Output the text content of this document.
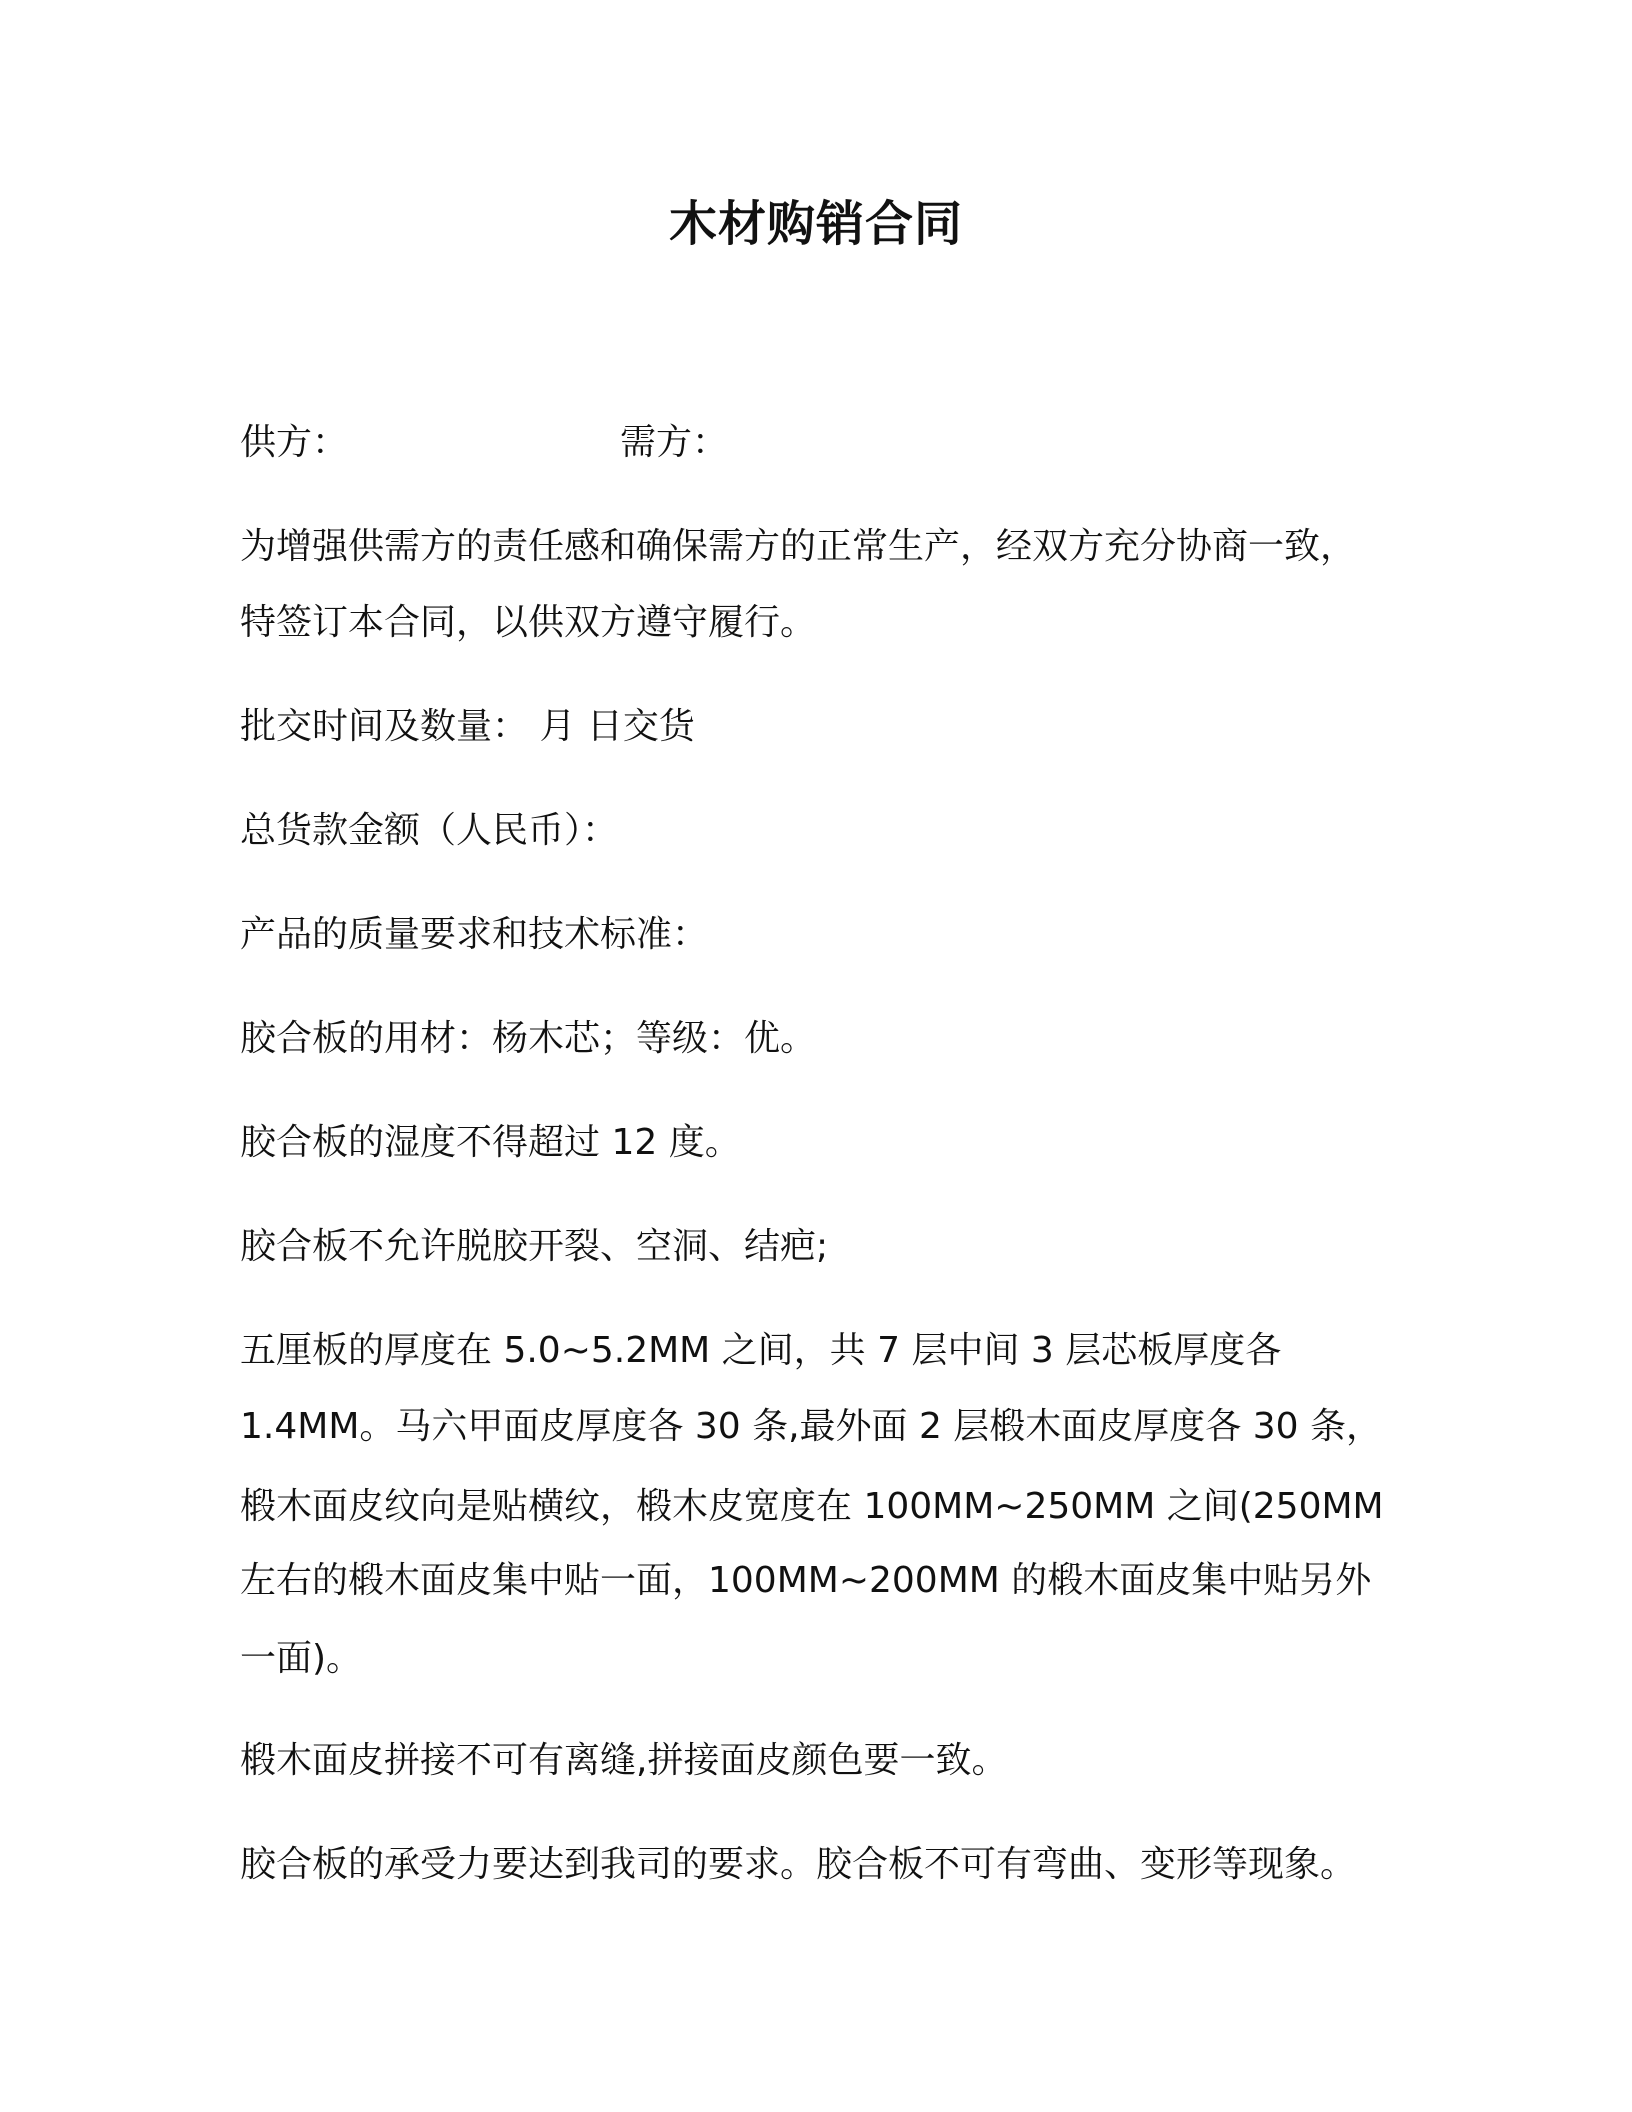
木材购销合同
供方：	需方：
为增强供需方的责任感和确保需方的正常生产，经双方充分协商一致，
特签订本合同，以供双方遵守履行。
批交时间及数量： 月 日交货
总货款金额（人民币）：
产品的质量要求和技术标准：
胶合板的用材：杨木芯；等级：优。
胶合板的湿度不得超过 12 度。
胶合板不允许脱胶开裂、空洞、结疤;
五厘板的厚度在 5.0~5.2MM 之间，共 7 层中间 3 层芯板厚度各
1.4MM。马六甲面皮厚度各 30 条,最外面 2 层椴木面皮厚度各 30 条，
椴木面皮纹向是贴横纹，椴木皮宽度在 100MM~250MM 之间(250MM
左右的椴木面皮集中贴一面，100MM~200MM 的椴木面皮集中贴另外
一面)。
椴木面皮拼接不可有离缝,拼接面皮颜色要一致。
胶合板的承受力要达到我司的要求。胶合板不可有弯曲、变形等现象。
